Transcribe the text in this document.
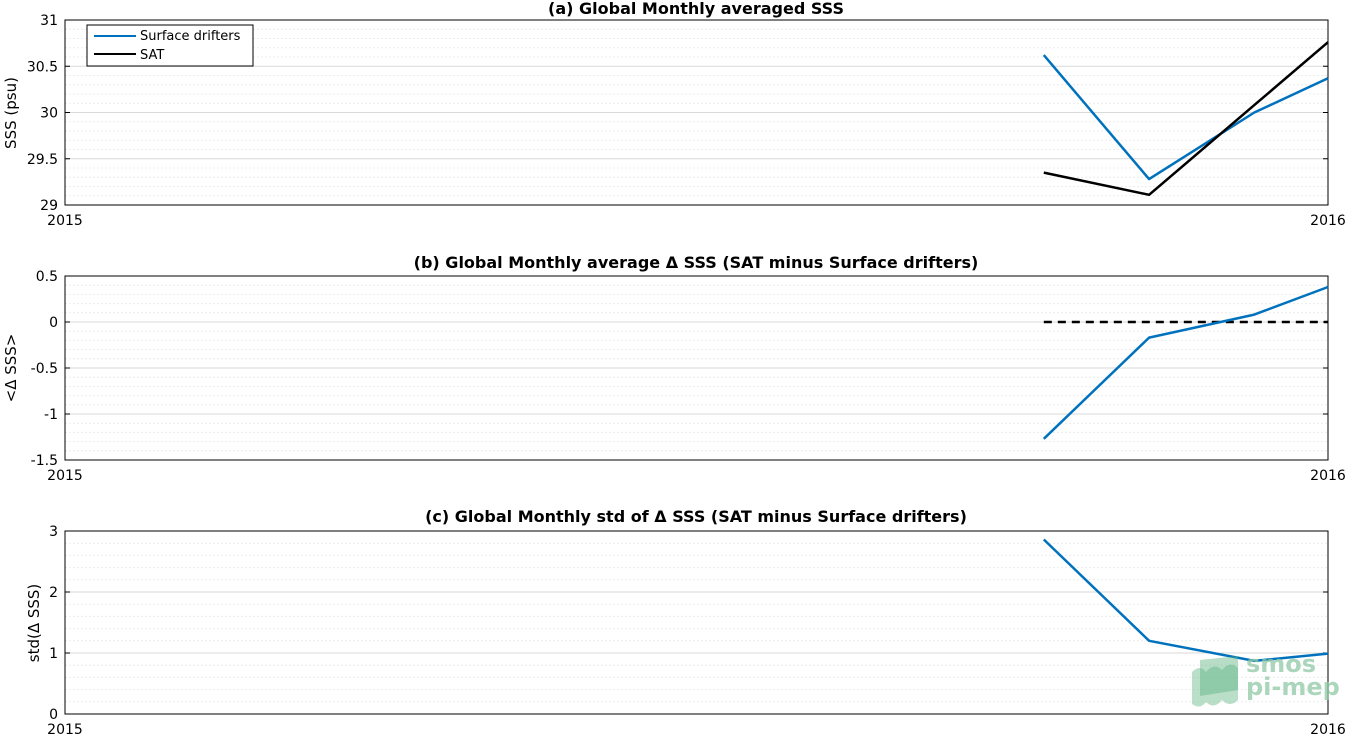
(a) Global Monthly averaged SSS
SSS (psu)
29
29.5
30
30.5
31
2015	2016
Surface drifters
SAT
(b) Global Monthly average Δ SSS (SAT minus Surface drifters)
<Δ SSS>
-1.5
-1
-0.5
0
0.5
2015	2016
(c) Global Monthly std of Δ SSS (SAT minus Surface drifters)
std(Δ SSS)
0
1
2
3
2015	2016
smos
pi-mep
